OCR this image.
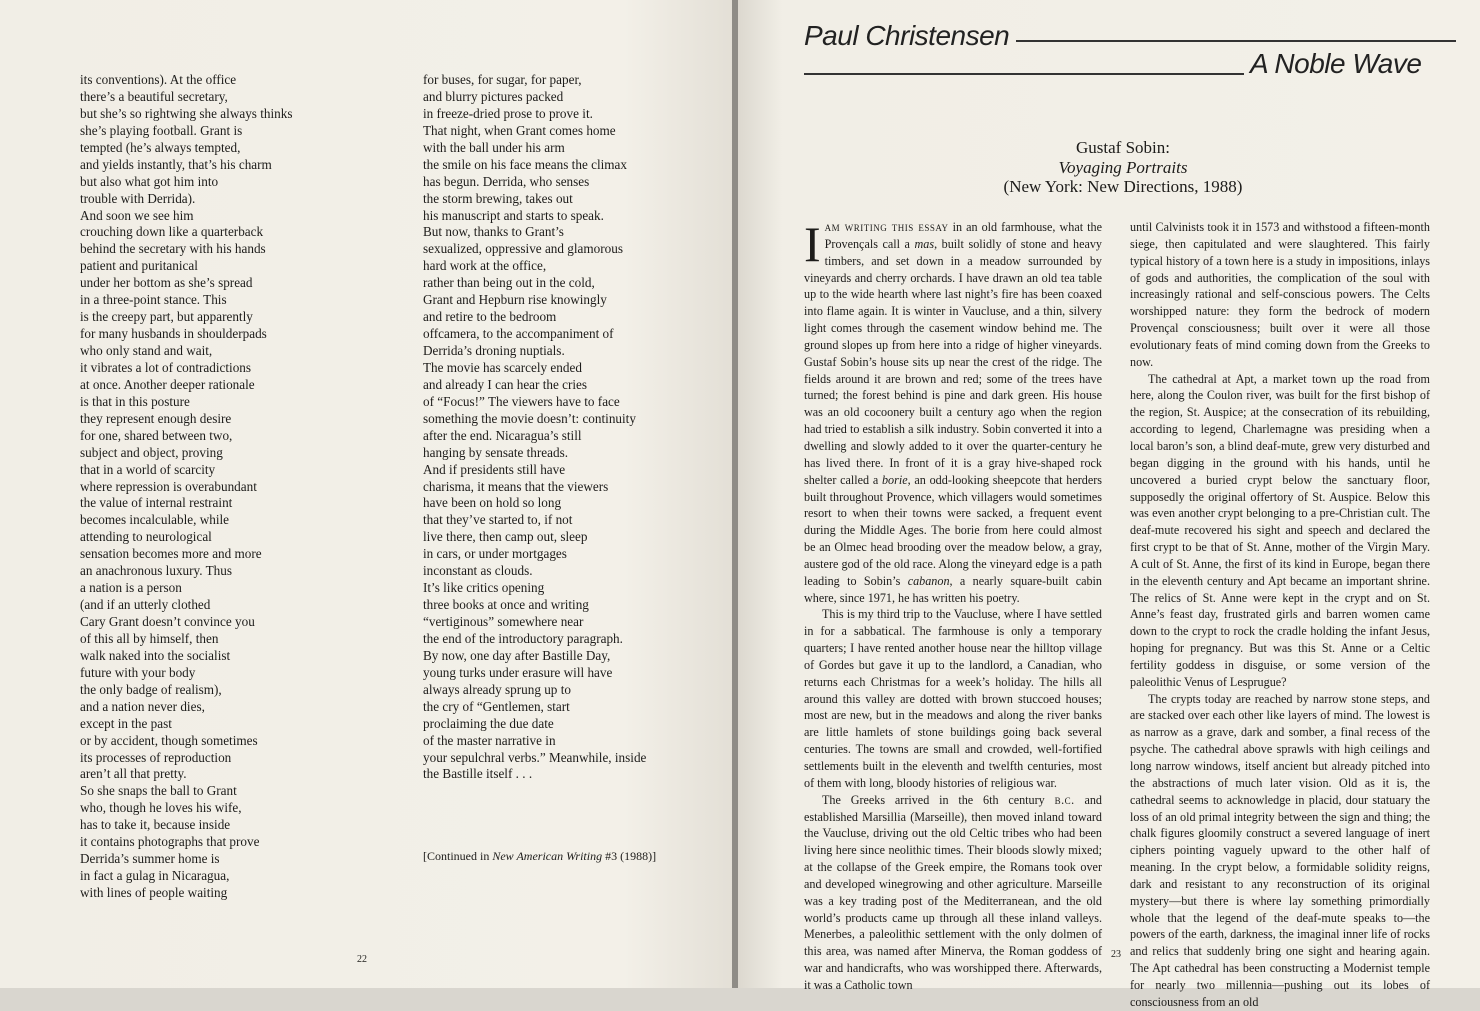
its conventions). At the office
there’s a beautiful secretary,
but she’s so rightwing she always thinks
she’s playing football. Grant is
tempted (he’s always tempted,
and yields instantly, that’s his charm
but also what got him into
trouble with Derrida).
And soon we see him
crouching down like a quarterback
behind the secretary with his hands
patient and puritanical
under her bottom as she’s spread
in a three-point stance. This
is the creepy part, but apparently
for many husbands in shoulderpads
who only stand and wait,
it vibrates a lot of contradictions
at once. Another deeper rationale
is that in this posture
they represent enough desire
for one, shared between two,
subject and object, proving
that in a world of scarcity
where repression is overabundant
the value of internal restraint
becomes incalculable, while
attending to neurological
sensation becomes more and more
an anachronous luxury. Thus
a nation is a person
(and if an utterly clothed
Cary Grant doesn’t convince you
of this all by himself, then
walk naked into the socialist
future with your body
the only badge of realism),
and a nation never dies,
except in the past
or by accident, though sometimes
its processes of reproduction
aren’t all that pretty.
So she snaps the ball to Grant
who, though he loves his wife,
has to take it, because inside
it contains photographs that prove
Derrida’s summer home is
in fact a gulag in Nicaragua,
with lines of people waiting
for buses, for sugar, for paper,
and blurry pictures packed
in freeze-dried prose to prove it.
That night, when Grant comes home
with the ball under his arm
the smile on his face means the climax
has begun. Derrida, who senses
the storm brewing, takes out
his manuscript and starts to speak.
But now, thanks to Grant’s
sexualized, oppressive and glamorous
hard work at the office,
rather than being out in the cold,
Grant and Hepburn rise knowingly
and retire to the bedroom
offcamera, to the accompaniment of
Derrida’s droning nuptials.
The movie has scarcely ended
and already I can hear the cries
of “Focus!” The viewers have to face
something the movie doesn’t: continuity
after the end. Nicaragua’s still
hanging by sensate threads.
And if presidents still have
charisma, it means that the viewers
have been on hold so long
that they’ve started to, if not
live there, then camp out, sleep
in cars, or under mortgages
inconstant as clouds.
It’s like critics opening
three books at once and writing
“vertiginous” somewhere near
the end of the introductory paragraph.
By now, one day after Bastille Day,
young turks under erasure will have
always already sprung up to
the cry of “Gentlemen, start
proclaiming the due date
of the master narrative in
your sepulchral verbs.” Meanwhile, inside
the Bastille itself . . .
[Continued in New American Writing #3 (1988)]
22
Paul Christensen
A Noble Wave
Gustaf Sobin:
Voyaging Portraits
(New York: New Directions, 1988)

Iam writing this essay in an old farmhouse, what the Provençals call a mas, built solidly of stone and heavy timbers, and set down in a meadow surrounded by vineyards and cherry orchards. I have drawn an old tea table up to the wide hearth where last night’s fire has been coaxed into flame again. It is winter in Vaucluse, and a thin, silvery light comes through the casement window behind me. The ground slopes up from here into a ridge of higher vineyards. Gustaf Sobin’s house sits up near the crest of the ridge. The fields around it are brown and red; some of the trees have turned; the forest behind is pine and dark green. His house was an old cocoonery built a century ago when the region had tried to establish a silk industry. Sobin converted it into a dwelling and slowly added to it over the quarter-century he has lived there. In front of it is a gray hive-shaped rock shelter called a borie, an odd-looking sheepcote that herders built throughout Provence, which villagers would sometimes resort to when their towns were sacked, a frequent event during the Middle Ages. The borie from here could almost be an Olmec head brooding over the meadow below, a gray, austere god of the old race. Along the vineyard edge is a path leading to Sobin’s cabanon, a nearly square-built cabin where, since 1971, he has written his poetry.

This is my third trip to the Vaucluse, where I have settled in for a sabbatical. The farmhouse is only a temporary quarters; I have rented another house near the hilltop village of Gordes but gave it up to the landlord, a Canadian, who returns each Christmas for a week’s holiday. The hills all around this valley are dotted with brown stuccoed houses; most are new, but in the meadows and along the river banks are little hamlets of stone buildings going back several centuries. The towns are small and crowded, well-fortified settlements built in the eleventh and twelfth centuries, most of them with long, bloody histories of religious war.

The Greeks arrived in the 6th century b.c. and established Marsillia (Marseille), then moved inland toward the Vaucluse, driving out the old Celtic tribes who had been living here since neolithic times. Their bloods slowly mixed; at the collapse of the Greek empire, the Romans took over and developed winegrowing and other agriculture. Marseille was a key trading post of the Mediterranean, and the old world’s products came up through all these inland valleys. Menerbes, a paleolithic settlement with the only dolmen of this area, was named after Minerva, the Roman goddess of war and handicrafts, who was worshipped there. Afterwards, it was a Catholic town

until Calvinists took it in 1573 and withstood a fifteen-month siege, then capitulated and were slaughtered. This fairly typical history of a town here is a study in impositions, inlays of gods and authorities, the complication of the soul with increasingly rational and self-conscious powers. The Celts worshipped nature: they form the bedrock of modern Provençal consciousness; built over it were all those evolutionary feats of mind coming down from the Greeks to now.

The cathedral at Apt, a market town up the road from here, along the Coulon river, was built for the first bishop of the region, St. Auspice; at the consecration of its rebuilding, according to legend, Charlemagne was presiding when a local baron’s son, a blind deaf-mute, grew very disturbed and began digging in the ground with his hands, until he uncovered a buried crypt below the sanctuary floor, supposedly the original offertory of St. Auspice. Below this was even another crypt belonging to a pre-Christian cult. The deaf-mute recovered his sight and speech and declared the first crypt to be that of St. Anne, mother of the Virgin Mary. A cult of St. Anne, the first of its kind in Europe, began there in the eleventh century and Apt became an important shrine. The relics of St. Anne were kept in the crypt and on St. Anne’s feast day, frustrated girls and barren women came down to the crypt to rock the cradle holding the infant Jesus, hoping for pregnancy. But was this St. Anne or a Celtic fertility goddess in disguise, or some version of the paleolithic Venus of Lesprugue?

The crypts today are reached by narrow stone steps, and are stacked over each other like layers of mind. The lowest is as narrow as a grave, dark and somber, a final recess of the psyche. The cathedral above sprawls with high ceilings and long narrow windows, itself ancient but already pitched into the abstractions of much later vision. Old as it is, the cathedral seems to acknowledge in placid, dour statuary the loss of an old primal integrity between the sign and thing; the chalk figures gloomily construct a severed language of inert ciphers pointing vaguely upward to the other half of meaning. In the crypt below, a formidable solidity reigns, dark and resistant to any reconstruction of its original mystery—but there is where lay something primordially whole that the legend of the deaf-mute speaks to—the powers of the earth, darkness, the imaginal inner life of rocks and relics that suddenly bring one sight and hearing again. The Apt cathedral has been constructing a Modernist temple for nearly two millennia—pushing out its lobes of consciousness from an old

23
